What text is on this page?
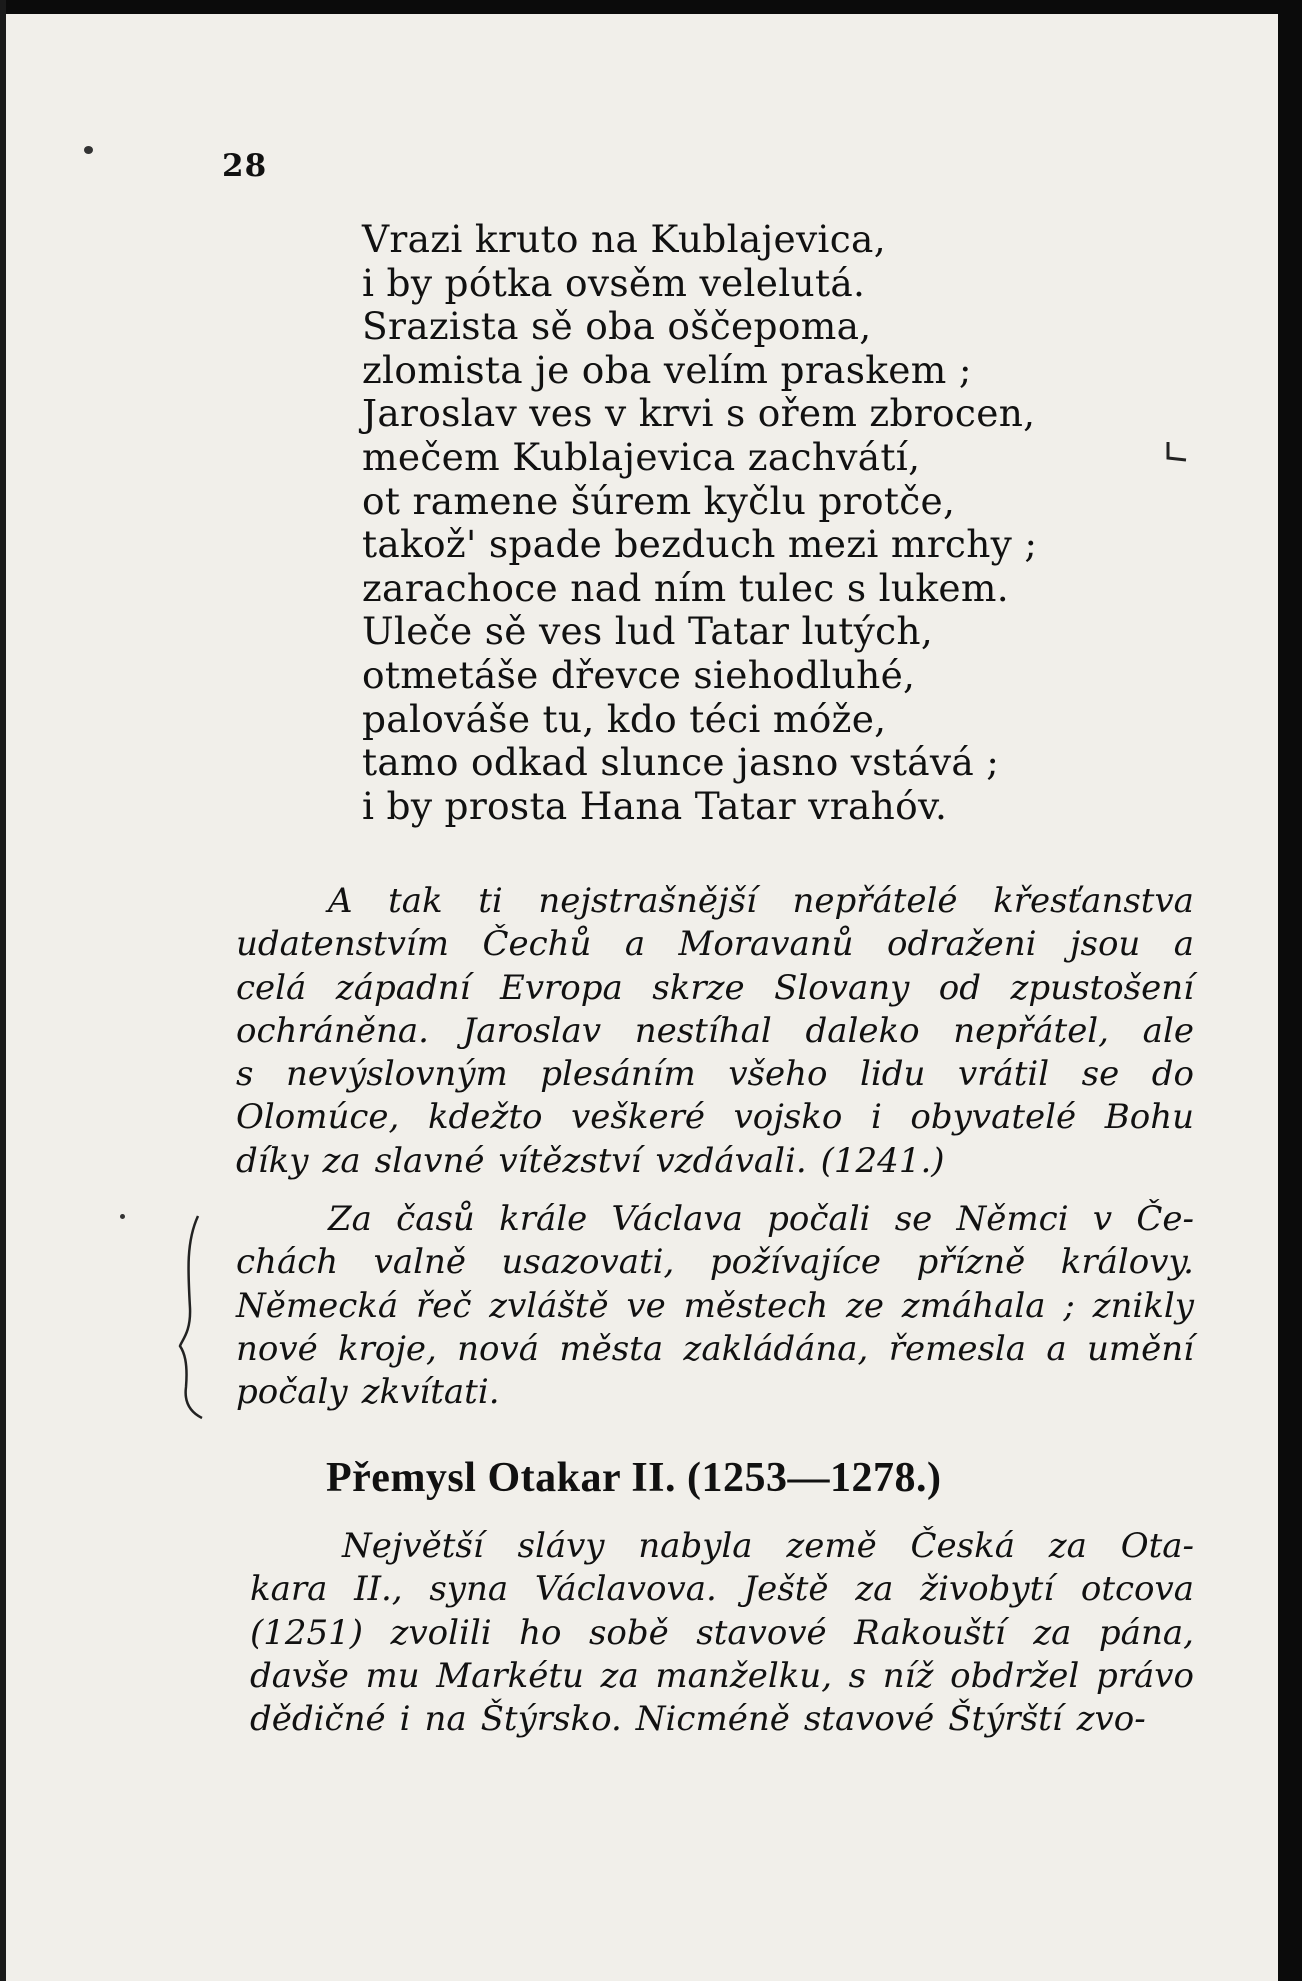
28
Vrazi kruto na Kublajevica,
i by pótka ovsěm velelutá.
Srazista sě oba oščepoma,
zlomista je oba velím praskem ;
Jaroslav ves v krvi s ořem zbrocen,
mečem Kublajevica zachvátí,
ot ramene šúrem kyčlu protče,
takož' spade bezduch mezi mrchy ;
zarachoce nad ním tulec s lukem.
Uleče sě ves lud Tatar lutých,
otmetáše dřevce siehodluhé,
palováše tu, kdo téci móže,
tamo odkad slunce jasno vstává ;
i by prosta Hana Tatar vrahóv.
A tak ti nejstrašnější nepřátelé křesťanstva
udatenstvím Čechů a Moravanů odraženi jsou a
celá západní Evropa skrze Slovany od zpustošení
ochráněna. Jaroslav nestíhal daleko nepřátel, ale
s nevýslovným plesáním všeho lidu vrátil se do
Olomúce, kdežto veškeré vojsko i obyvatelé Bohu
díky za slavné vítězství vzdávali. (1241.)
Za časů krále Václava počali se Němci v Če-
chách valně usazovati, požívajíce přízně královy.
Německá řeč zvláště ve městech ze zmáhala ; znikly
nové kroje, nová města zakládána, řemesla a umění
počaly zkvítati.
Přemysl Otakar II. (1253—1278.)
Největší slávy nabyla země Česká za Ota-
kara II., syna Václavova. Ještě za živobytí otcova
(1251) zvolili ho sobě stavové Rakouští za pána,
davše mu Markétu za manželku, s níž obdržel právo
dědičné i na Štýrsko. Nicméně stavové Štýrští zvo-
